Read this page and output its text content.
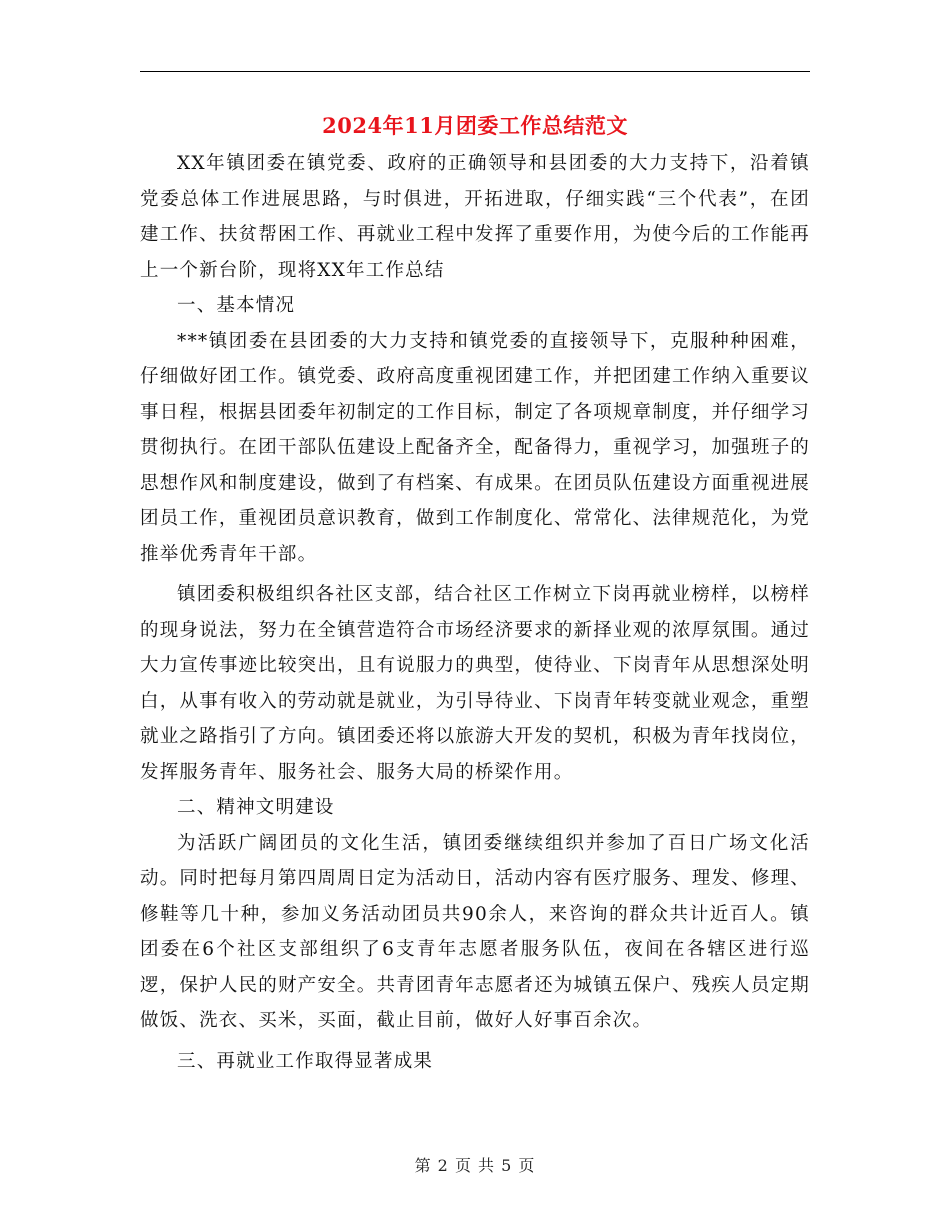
2024年11月团委工作总结范文

XX年镇团委在镇党委、政府的正确领导和县团委的大力支持下，沿着镇党委总体工作进展思路，与时俱进，开拓进取，仔细实践“三个代表”，在团建工作、扶贫帮困工作、再就业工程中发挥了重要作用，为使今后的工作能再上一个新台阶，现将XX年工作总结

一、基本情况

***镇团委在县团委的大力支持和镇党委的直接领导下，克服种种困难，仔细做好团工作。镇党委、政府高度重视团建工作，并把团建工作纳入重要议事日程，根据县团委年初制定的工作目标，制定了各项规章制度，并仔细学习贯彻执行。在团干部队伍建设上配备齐全，配备得力，重视学习，加强班子的思想作风和制度建设，做到了有档案、有成果。在团员队伍建设方面重视进展团员工作，重视团员意识教育，做到工作制度化、常常化、法律规范化，为党推举优秀青年干部。

镇团委积极组织各社区支部，结合社区工作树立下岗再就业榜样，以榜样的现身说法，努力在全镇营造符合市场经济要求的新择业观的浓厚氛围。通过大力宣传事迹比较突出，且有说服力的典型，使待业、下岗青年从思想深处明白，从事有收入的劳动就是就业，为引导待业、下岗青年转变就业观念，重塑就业之路指引了方向。镇团委还将以旅游大开发的契机，积极为青年找岗位，发挥服务青年、服务社会、服务大局的桥梁作用。

二、精神文明建设

为活跃广阔团员的文化生活，镇团委继续组织并参加了百日广场文化活动。同时把每月第四周周日定为活动日，活动内容有医疗服务、理发、修理、修鞋等几十种，参加义务活动团员共90余人，来咨询的群众共计近百人。镇团委在6个社区支部组织了6支青年志愿者服务队伍，夜间在各辖区进行巡逻，保护人民的财产安全。共青团青年志愿者还为城镇五保户、残疾人员定期做饭、洗衣、买米，买面，截止目前，做好人好事百余次。

三、再就业工作取得显著成果

第 2 页 共 5 页
